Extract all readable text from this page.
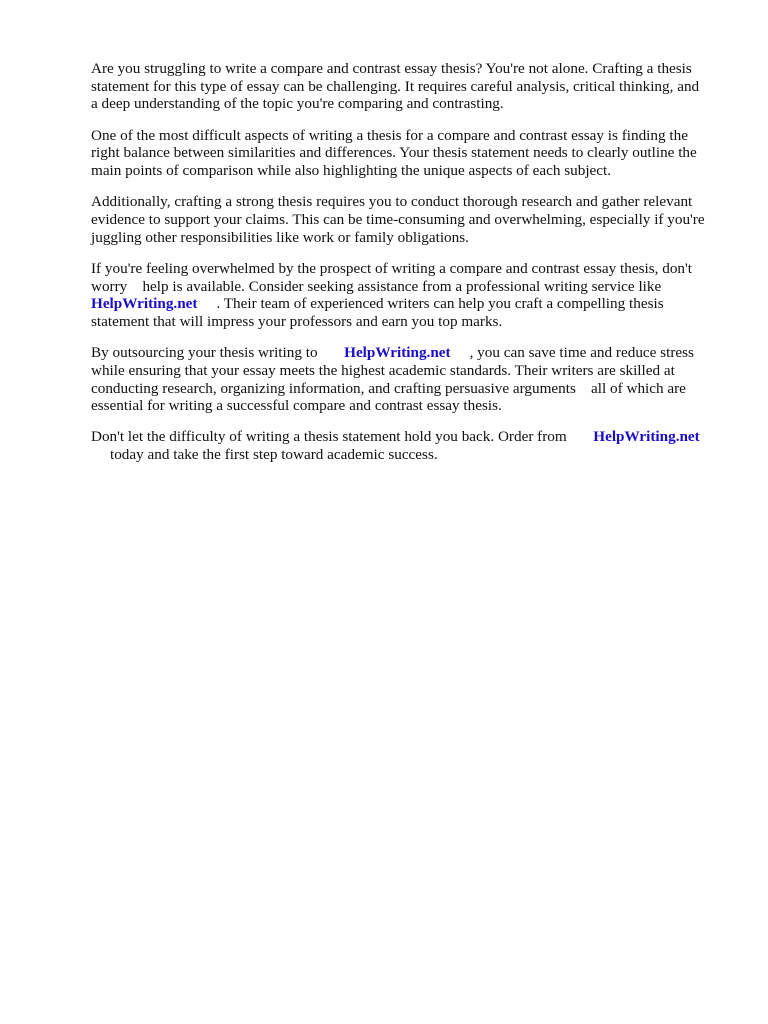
Are you struggling to write a compare and contrast essay thesis? You're not alone. Crafting a thesis
statement for this type of essay can be challenging. It requires careful analysis, critical thinking, and
a deep understanding of the topic you're comparing and contrasting.

One of the most difficult aspects of writing a thesis for a compare and contrast essay is finding the
right balance between similarities and differences. Your thesis statement needs to clearly outline the
main points of comparison while also highlighting the unique aspects of each subject.

Additionally, crafting a strong thesis requires you to conduct thorough research and gather relevant
evidence to support your claims. This can be time-consuming and overwhelming, especially if you're
juggling other responsibilities like work or family obligations.

If you're feeling overwhelmed by the prospect of writing a compare and contrast essay thesis, don't
worry    help is available. Consider seeking assistance from a professional writing service like
HelpWriting.net     . Their team of experienced writers can help you craft a compelling thesis
statement that will impress your professors and earn you top marks.

By outsourcing your thesis writing to       HelpWriting.net     , you can save time and reduce stress
while ensuring that your essay meets the highest academic standards. Their writers are skilled at
conducting research, organizing information, and crafting persuasive arguments    all of which are
essential for writing a successful compare and contrast essay thesis.

Don't let the difficulty of writing a thesis statement hold you back. Order from       HelpWriting.net
today and take the first step toward academic success.
